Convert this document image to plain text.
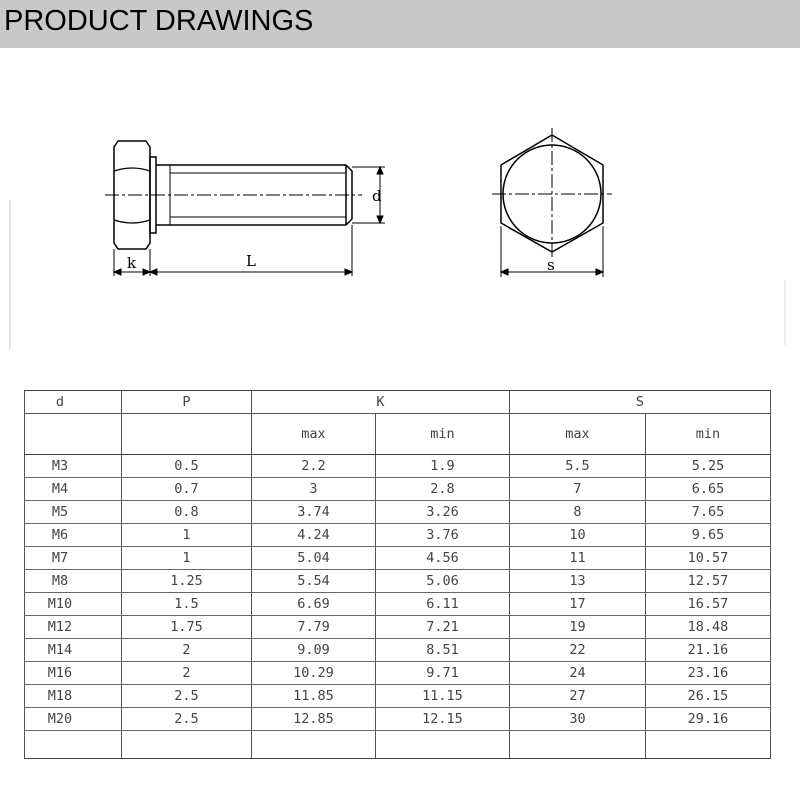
PRODUCT DRAWINGS
d
k	L	s
d	P	K		S	
		max	min	max	min
M3	0.5	2.2	1.9	5.5	5.25
M4	0.7	3	2.8	7	6.65
M5	0.8	3.74	3.26	8	7.65
M6	1	4.24	3.76	10	9.65
M7	1	5.04	4.56	11	10.57
M8	1.25	5.54	5.06	13	12.57
M10	1.5	6.69	6.11	17	16.57
M12	1.75	7.79	7.21	19	18.48
M14	2	9.09	8.51	22	21.16
M16	2	10.29	9.71	24	23.16
M18	2.5	11.85	11.15	27	26.15
M20	2.5	12.85	12.15	30	29.16
